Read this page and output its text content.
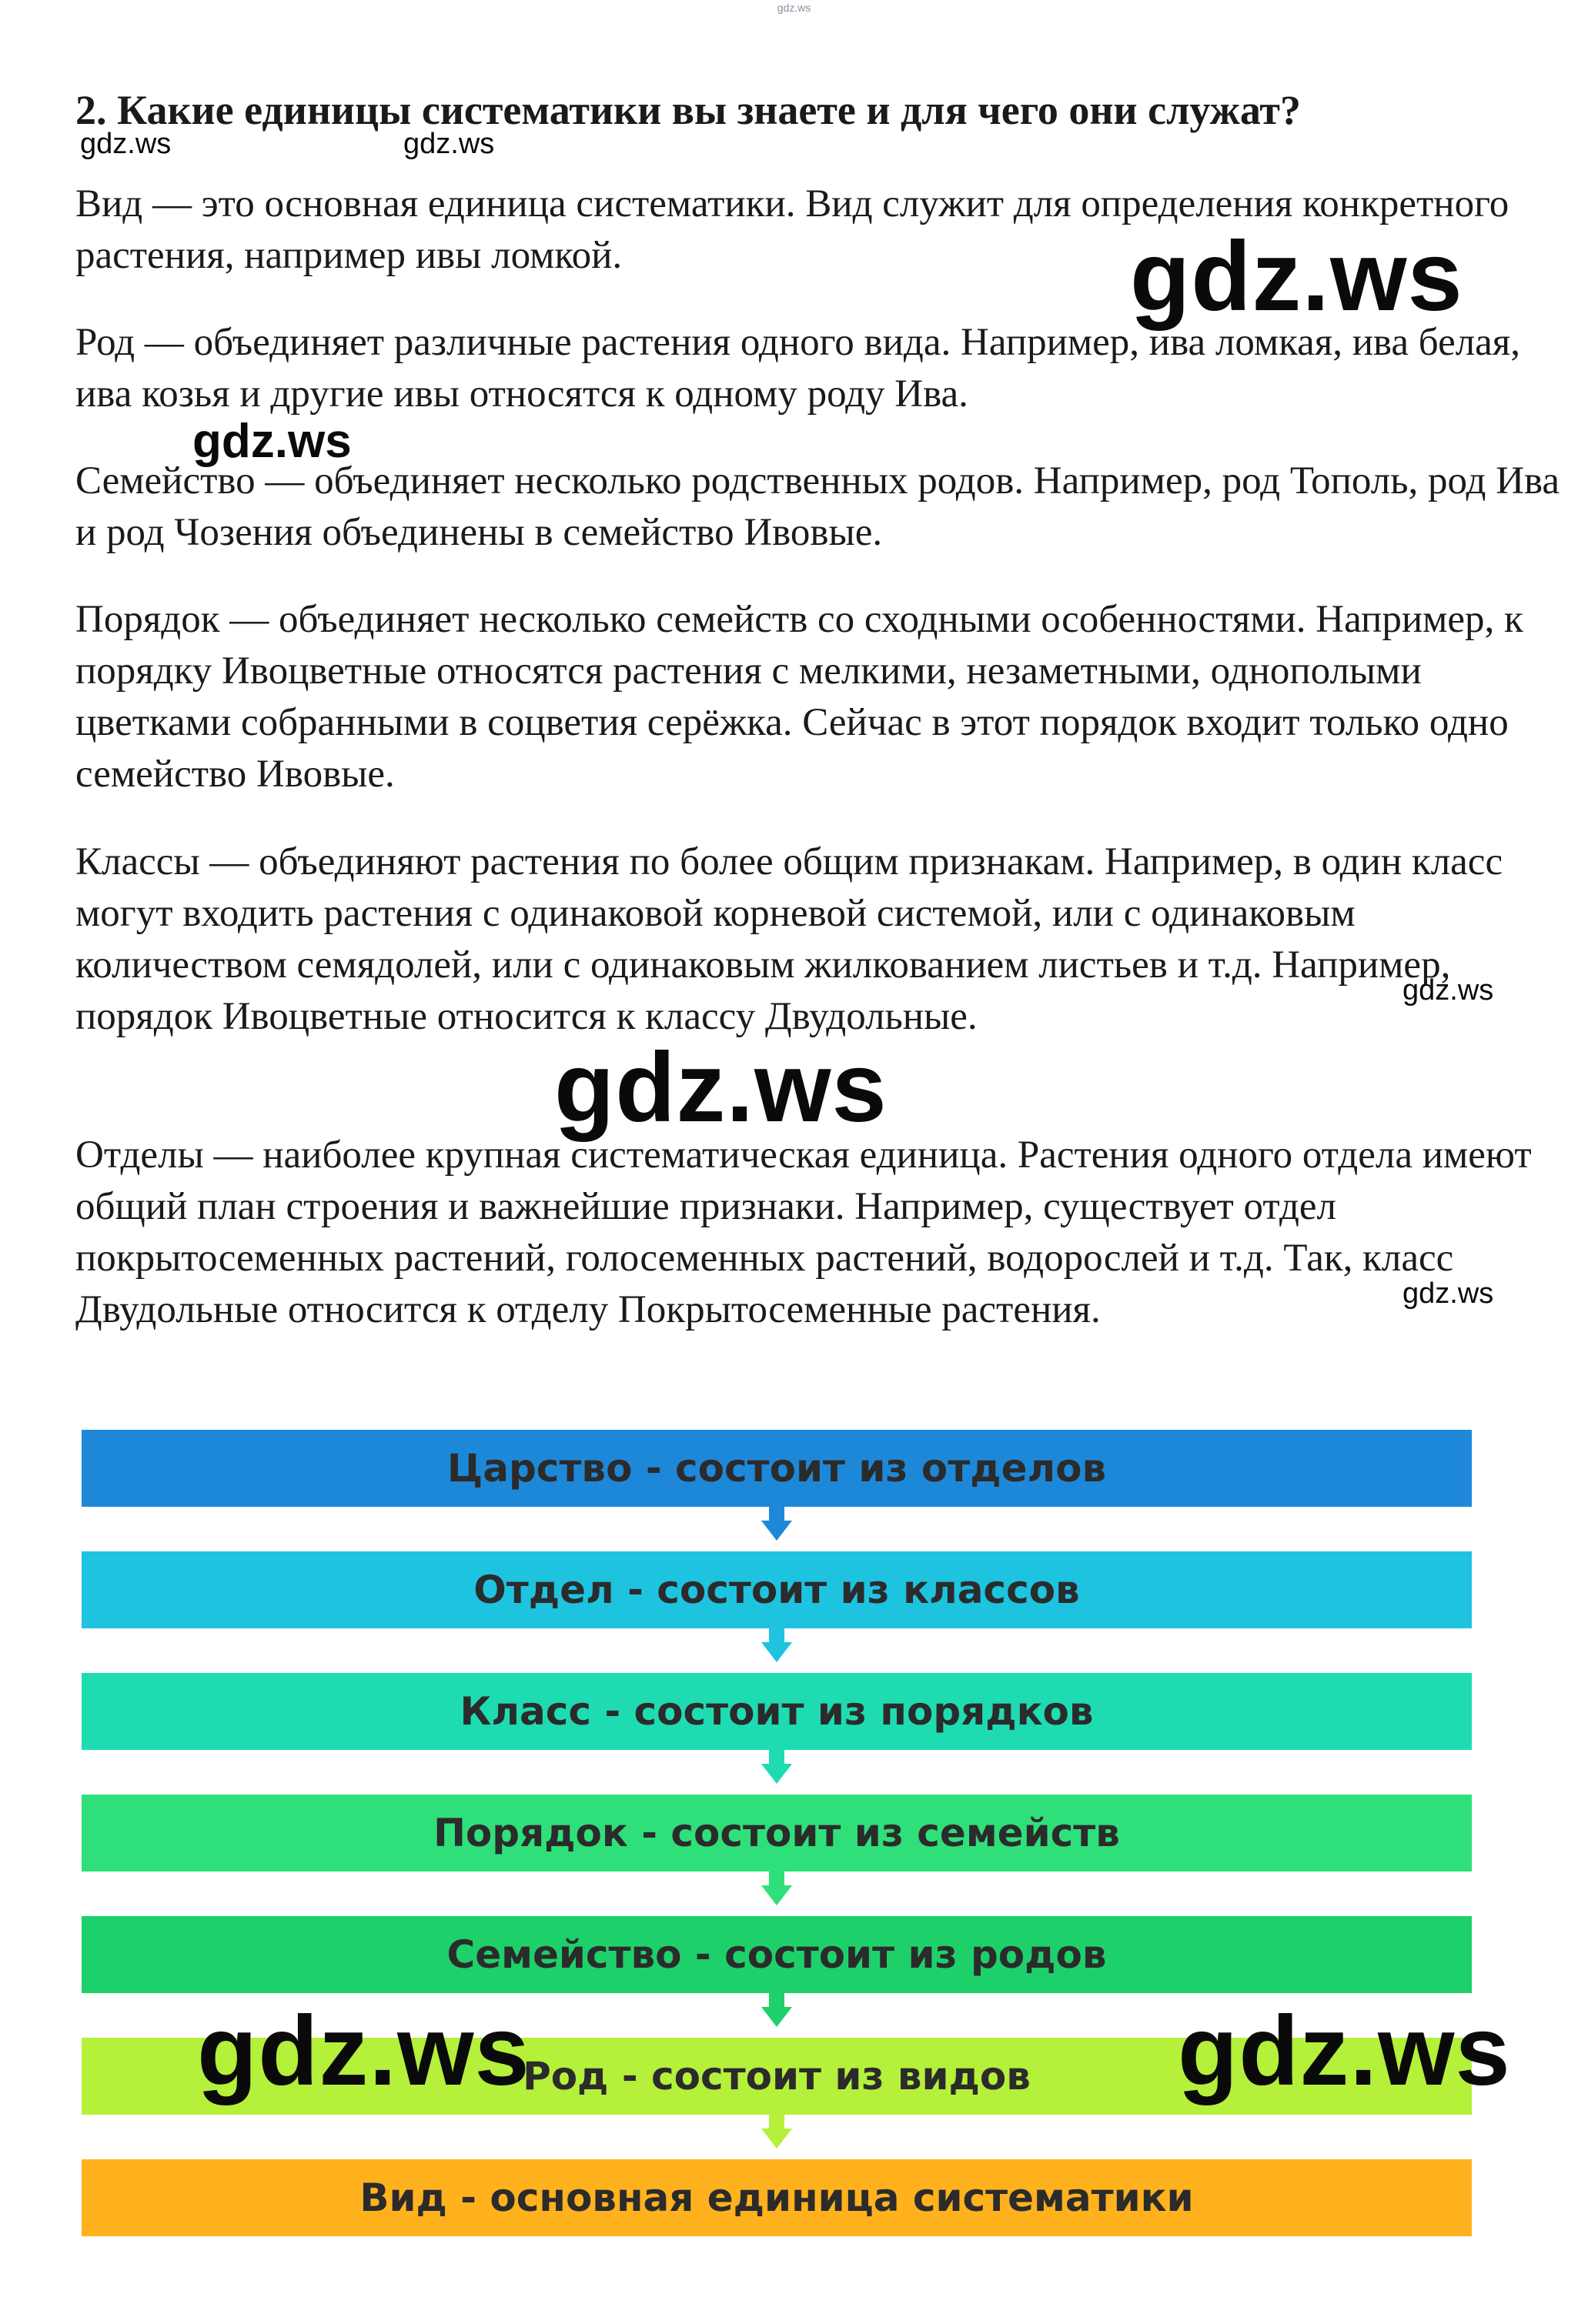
gdz.ws
2. Какие единицы систематики вы знаете и для чего они служат?

Вид — это основная единица систематики. Вид служит для определения конкретного растения, например ивы ломкой.

Род — объединяет различные растения одного вида. Например, ива ломкая, ива белая, ива козья и другие ивы относятся к одному роду Ива.

Семейство — объединяет несколько родственных родов. Например, род Тополь, род Ива и род Чозения объединены в семейство Ивовые.

Порядок — объединяет несколько семейств со сходными особенностями. Например, к порядку Ивоцветные относятся растения с мелкими, незаметными, однополыми цветками собранными в соцветия серёжка. Сейчас в этот порядок входит только одно семейство Ивовые.

Классы — объединяют растения по более общим признакам. Например, в один класс могут входить растения с одинаковой корневой системой, или с одинаковым количеством семядолей, или с одинаковым жилкованием листьев и т.д. Например, порядок Ивоцветные относится к классу Двудольные.

Отделы — наиболее крупная систематическая единица. Растения одного отдела имеют общий план строения и важнейшие признаки. Например, существует отдел покрытосеменных растений, голосеменных растений, водорослей и т.д. Так, класс Двудольные относится к отделу Покрытосеменные растения.

gdz.ws	gdz.ws
gdz.ws
gdz.ws
gdz.ws
gdz.ws
gdz.ws
Царство - состоит из отделов
Отдел - состоит из классов
Класс - состоит из порядков
Порядок - состоит из семейств
Семейство - состоит из родов
Род - состоит из видов
Вид - основная единица систематики
gdz.ws	gdz.ws
